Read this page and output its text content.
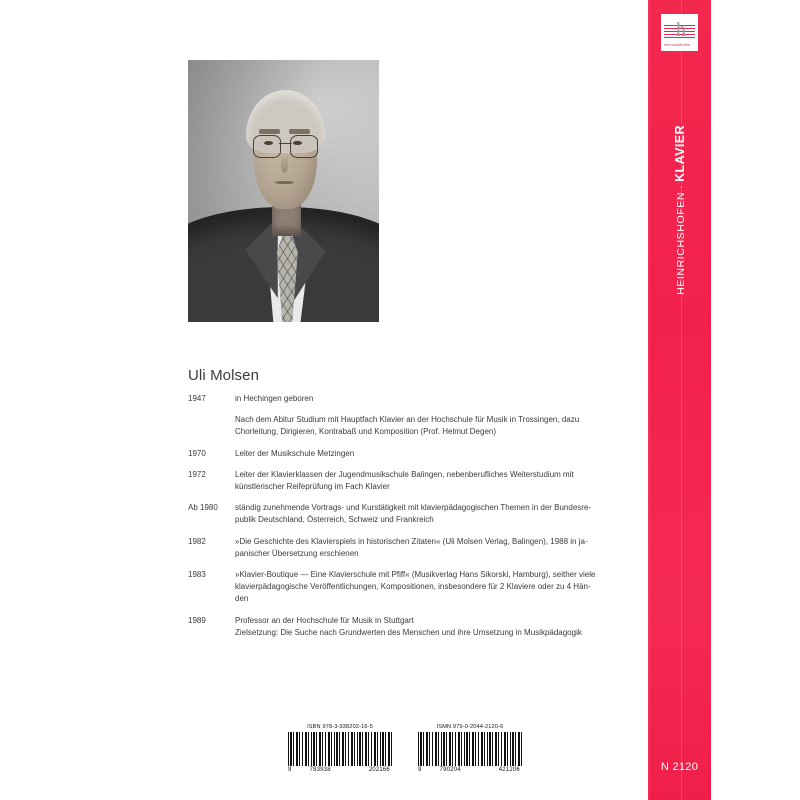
Uli Molsen
1947	in Hechingen geboren
Nach dem Abitur Studium mit Hauptfach Klavier an der Hochschule für Musik in Trossingen, dazu
Chorleitung, Dirigieren, Kontrabaß und Komposition (Prof. Helmut Degen)
1970	Leiter der Musikschule Metzingen
1972	Leiter der Klavierklassen der Jugendmusikschule Balingen, nebenberufliches Weiterstudium mit
künstlerischer Reifeprüfung im Fach Klavier
Ab 1980	ständig zunehmende Vortrags- und Kurstätigkeit mit klavierpädagogischen Themen in der Bundesre-
publik Deutschland, Österreich, Schweiz und Frankreich
1982	»Die Geschichte des Klavierspiels in historischen Zitaten« (Uli Molsen Verlag, Balingen), 1988 in ja-
panischer Übersetzung erschienen
1983	»Klavier-Boutique — Eine Klavierschule mit Pfiff« (Musikverlag Hans Sikorski, Hamburg), seither viele
klavierpädagogische Veröffentlichungen, Kompositionen, insbesondere für 2 Klaviere oder zu 4 Hän-
den
1989	Professor an der Hochschule für Musik in Stuttgart
Zielsetzung: Die Suche nach Grundwerten des Menschen und ihre Umsetzung in Musikpädagogik
ISBN 978-3-938202-16-5
9	783938	202166
ISMN 979-0-2044-2120-6
9	790204	421206
h
heinrichshofen
HEINRICHSHOFEN·KLAVIER
N 2120
